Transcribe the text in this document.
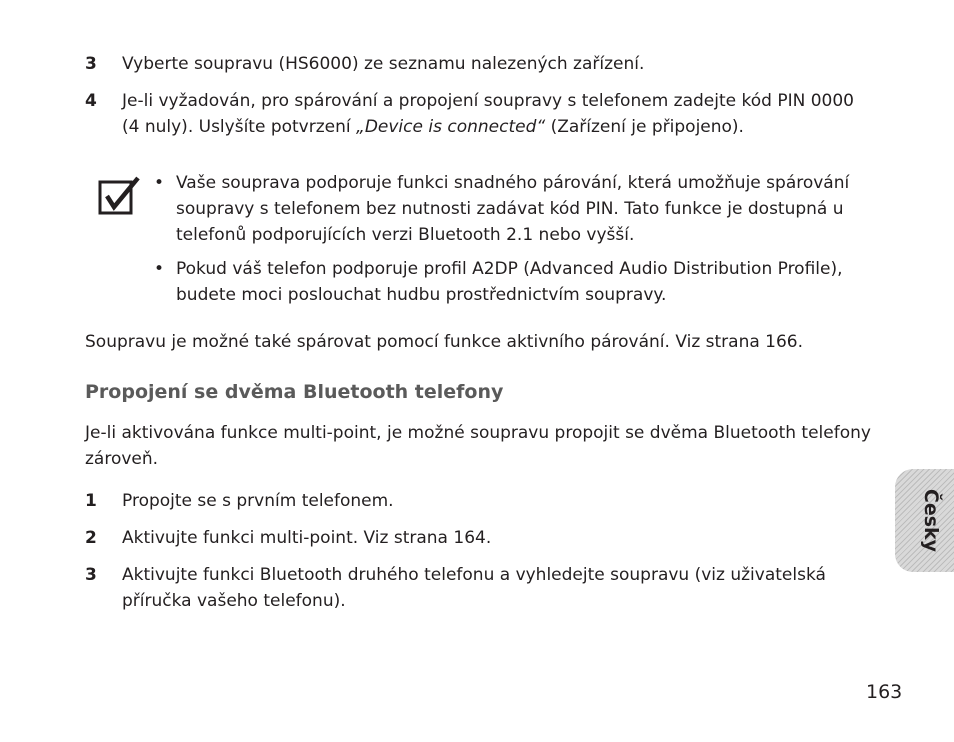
3 Vyberte soupravu (HS6000) ze seznamu nalezených zařízení.
4 Je-li vyžadován, pro spárování a propojení soupravy s telefonem zadejte kód PIN 0000 (4 nuly). Uslyšíte potvrzení „Device is connected“ (Zařízení je připojeno).
• Vaše souprava podporuje funkci snadného párování, která umožňuje spárování soupravy s telefonem bez nutnosti zadávat kód PIN. Tato funkce je dostupná u telefonů podporujících verzi Bluetooth 2.1 nebo vyšší.
• Pokud váš telefon podporuje profil A2DP (Advanced Audio Distribution Profile), budete moci poslouchat hudbu prostřednictvím soupravy.
Soupravu je možné také spárovat pomocí funkce aktivního párování. Viz strana 166.
Propojení se dvěma Bluetooth telefony
Je-li aktivována funkce multi-point, je možné soupravu propojit se dvěma Bluetooth telefony zároveň.
1 Propojte se s prvním telefonem.
2 Aktivujte funkci multi-point. Viz strana 164.
3 Aktivujte funkci Bluetooth druhého telefonu a vyhledejte soupravu (viz uživatelská příručka vašeho telefonu).
Česky
163
